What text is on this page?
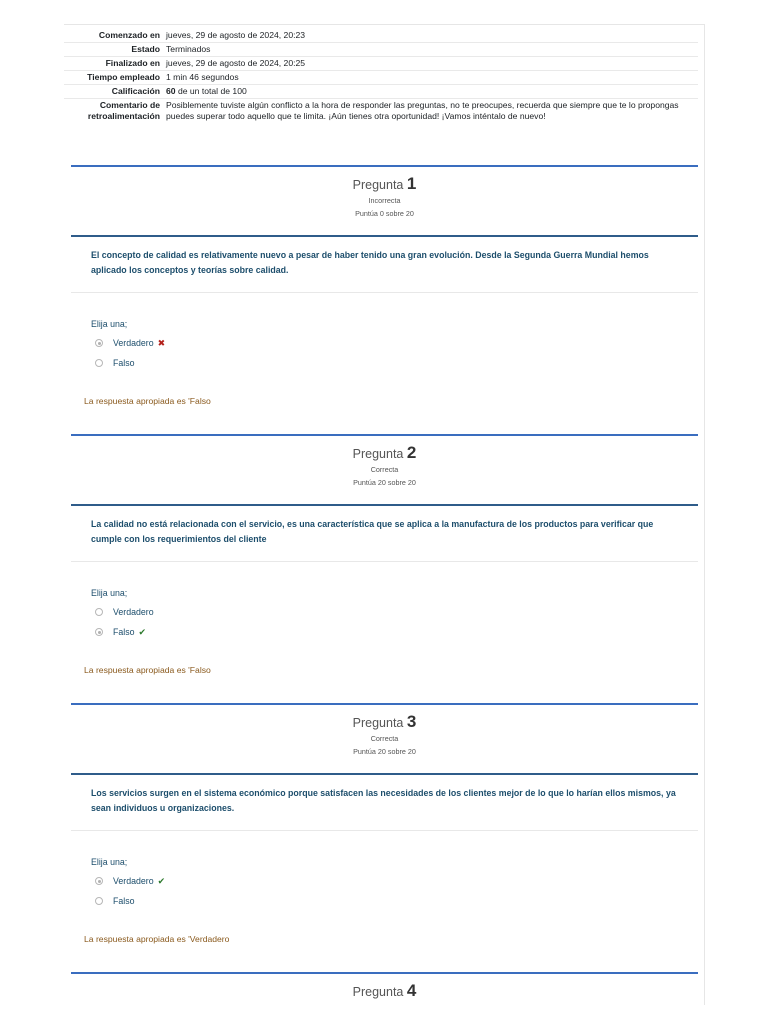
Comenzado en	jueves, 29 de agosto de 2024, 20:23
Estado	Terminados
Finalizado en	jueves, 29 de agosto de 2024, 20:25
Tiempo empleado	1 min 46 segundos
Calificación	60 de un total de 100
Comentario de
retroalimentación	Posiblemente tuviste algún conflicto a la hora de responder las preguntas, no te preocupes, recuerda que siempre que te lo propongas puedes superar todo aquello que te limita. ¡Aún tienes otra oportunidad! ¡Vamos inténtalo de nuevo!
Pregunta 1
Incorrecta
Puntúa 0 sobre 20
El concepto de calidad es relativamente nuevo a pesar de haber tenido una gran evolución. Desde la Segunda Guerra Mundial hemos aplicado los conceptos y teorías sobre calidad.
Elija una;
Verdadero ✖
Falso
La respuesta apropiada es 'Falso
Pregunta 2
Correcta
Puntúa 20 sobre 20
La calidad no está relacionada con el servicio, es una característica que se aplica a la manufactura de los productos para verificar que cumple con los requerimientos del cliente
Elija una;
Verdadero
Falso ✔
La respuesta apropiada es 'Falso
Pregunta 3
Correcta
Puntúa 20 sobre 20
Los servicios surgen en el sistema económico porque satisfacen las necesidades de los clientes mejor de lo que lo harían ellos mismos, ya sean individuos u organizaciones.
Elija una;
Verdadero ✔
Falso
La respuesta apropiada es 'Verdadero
Pregunta 4
